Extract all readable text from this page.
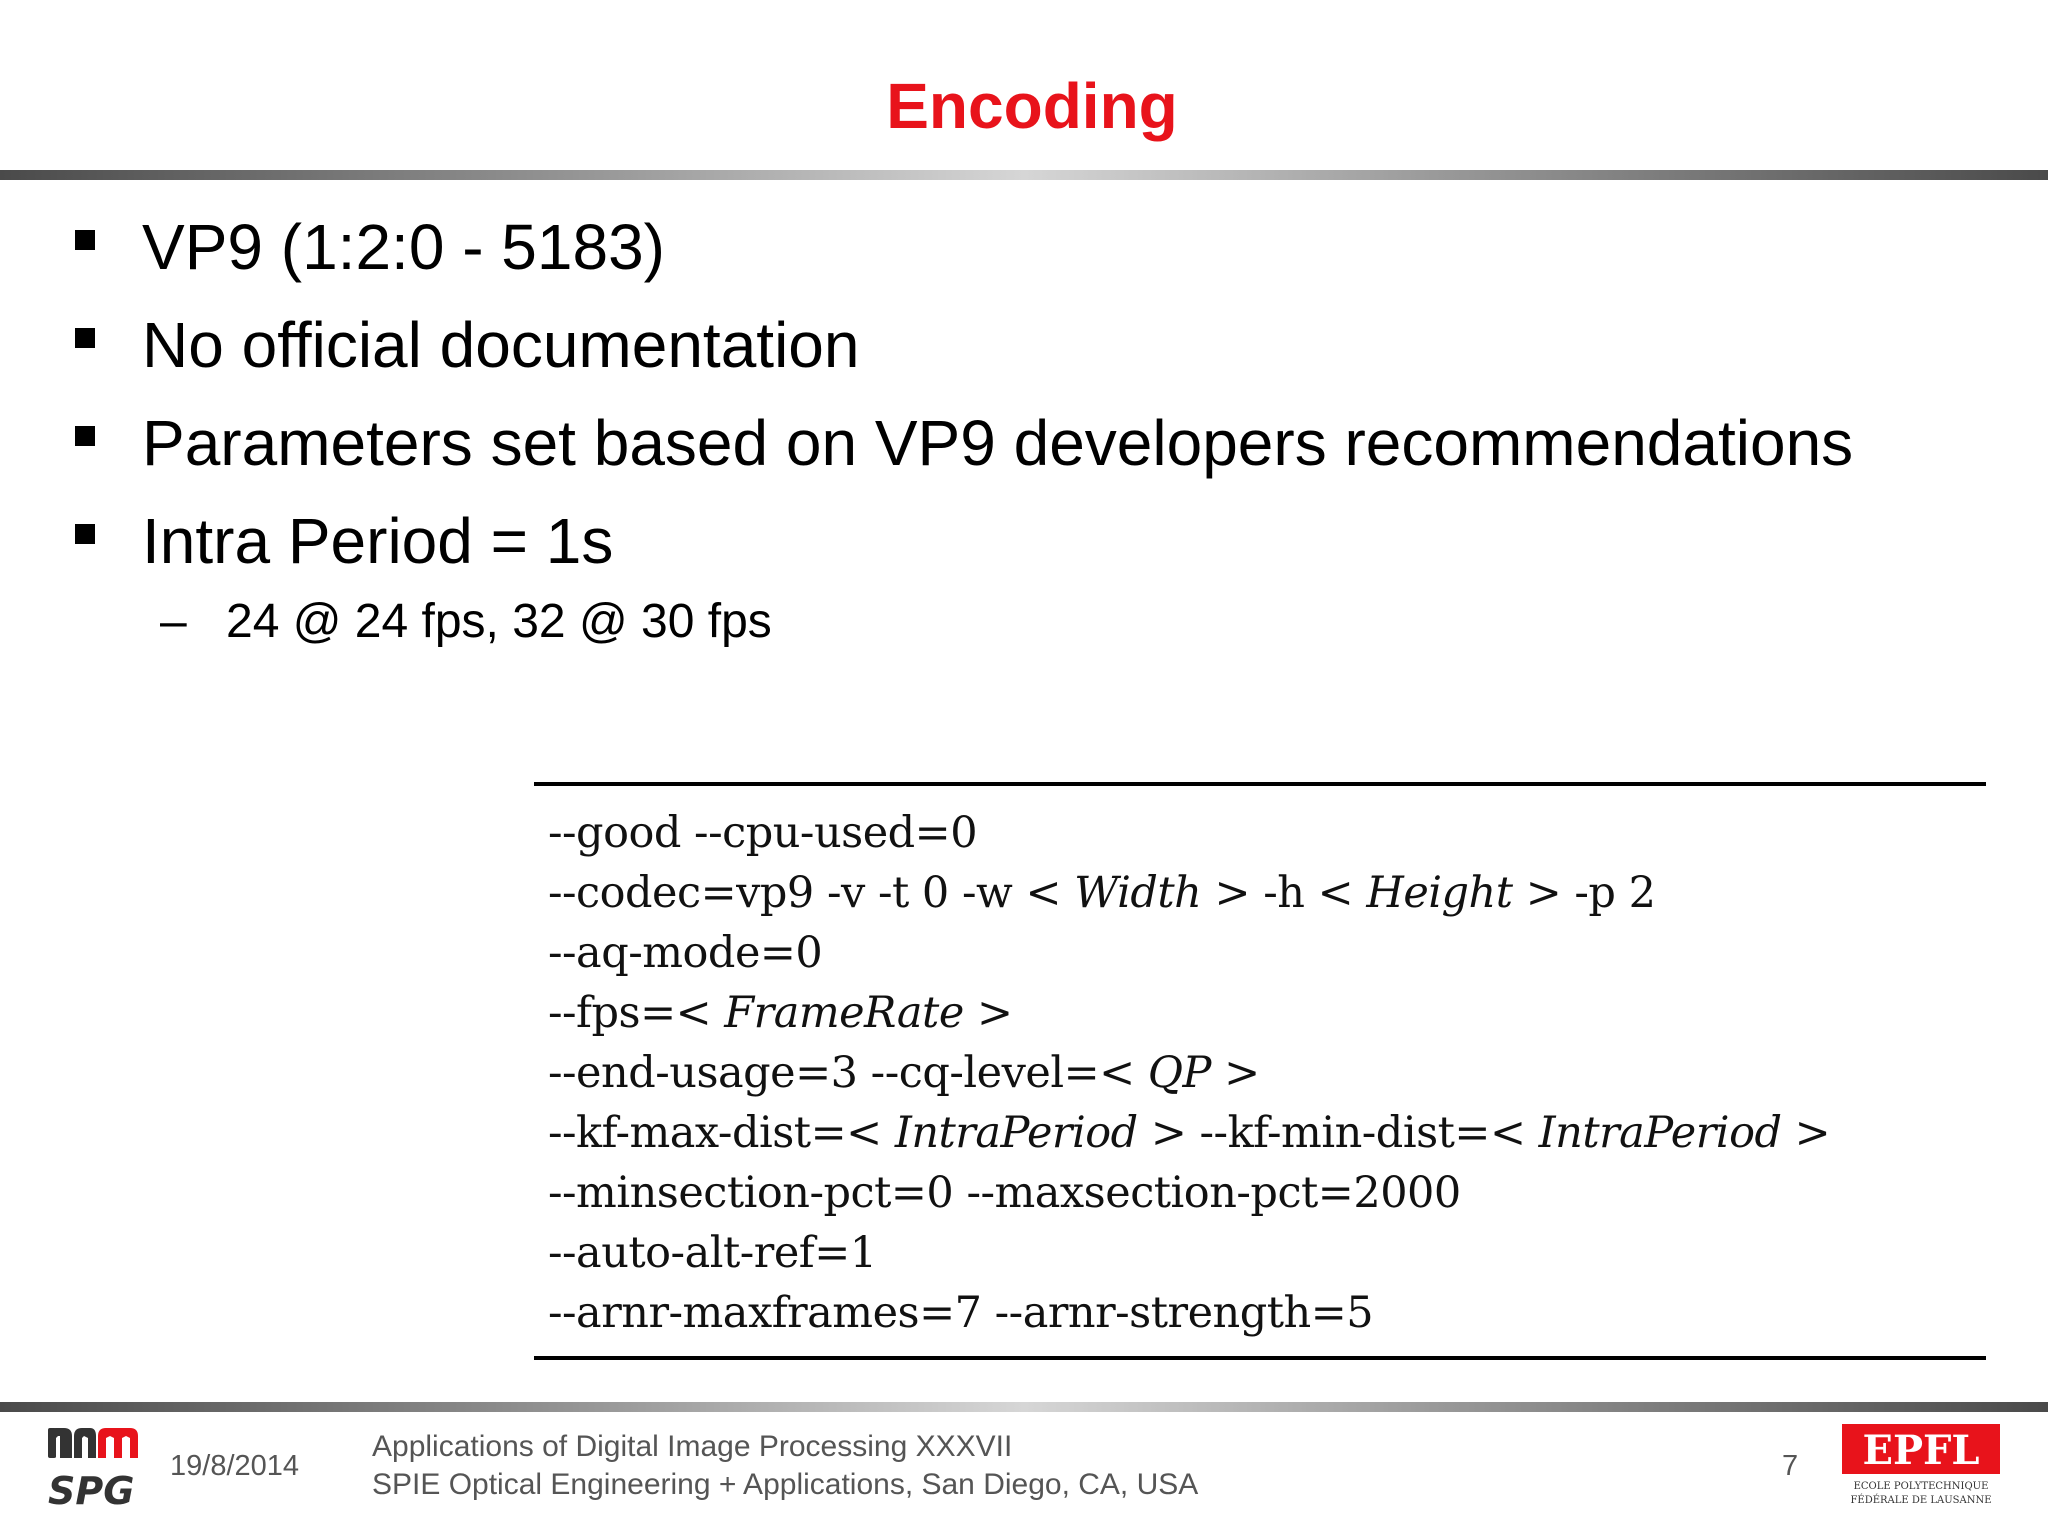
Encoding
VP9 (1:2:0 - 5183)
No official documentation
Parameters set based on VP9 developers recommendations
Intra Period = 1s
– 24 @ 24 fps, 32 @ 30 fps
--good --cpu-used=0
--codec=vp9 -v -t 0 -w < Width > -h < Height > -p 2
--aq-mode=0
--fps=< FrameRate >
--end-usage=3 --cq-level=< QP >
--kf-max-dist=< IntraPeriod > --kf-min-dist=< IntraPeriod >
--minsection-pct=0 --maxsection-pct=2000
--auto-alt-ref=1
--arnr-maxframes=7 --arnr-strength=5
SPG
19/8/2014
Applications of Digital Image Processing XXXVII
SPIE Optical Engineering + Applications, San Diego, CA, USA
7 EPFL
ECOLE POLYTECHNIQUE
FÉDÉRALE DE LAUSANNE
